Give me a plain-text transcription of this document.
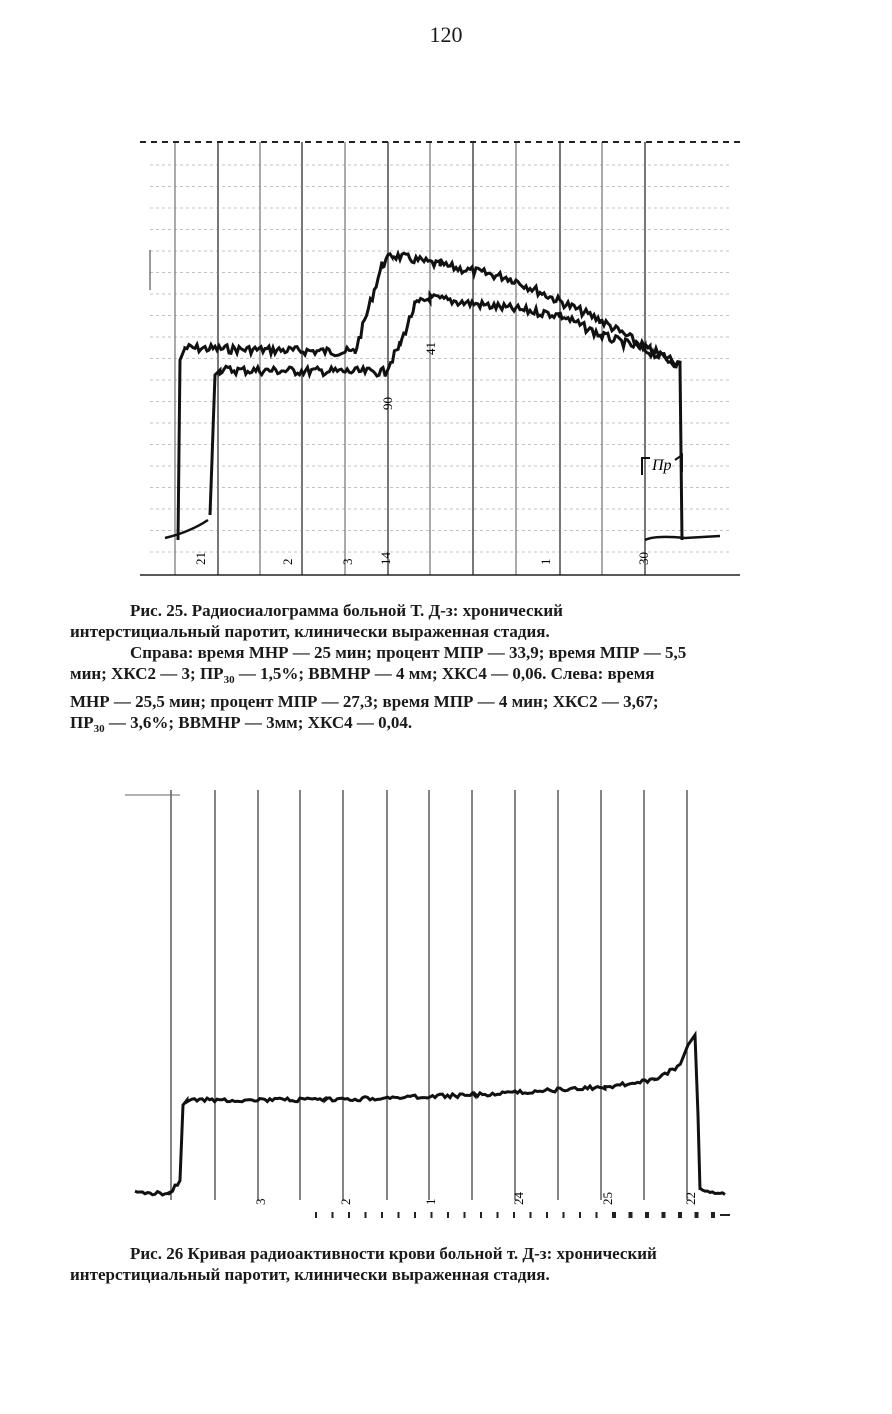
120
90
41
Пр
21	2	3 14	1	30
Рис. 25. Радиосиалограмма больной Т. Д-з: хронический
интерстициальный паротит, клинически выраженная стадия.
Справа: время МНР — 25 мин; процент МПР — 33,9; время МПР — 5,5
мин; ХКС2 — 3; $ПР_{30}$ — 1,5%; ВВМНР — 4 мм; ХКС4 — 0,06. Слева: время
МНР — 25,5 мин; процент МПР — 27,3; время МПР — 4 мин; ХКС2 — 3,67;
$ПР_{30}$ — 3,6%; ВВМНР — 3мм; ХКС4 — 0,04.
3	2	1	24	25	22
Рис. 26 Кривая радиоактивности крови больной т. Д-з: хронический
интерстициальный паротит, клинически выраженная стадия.
